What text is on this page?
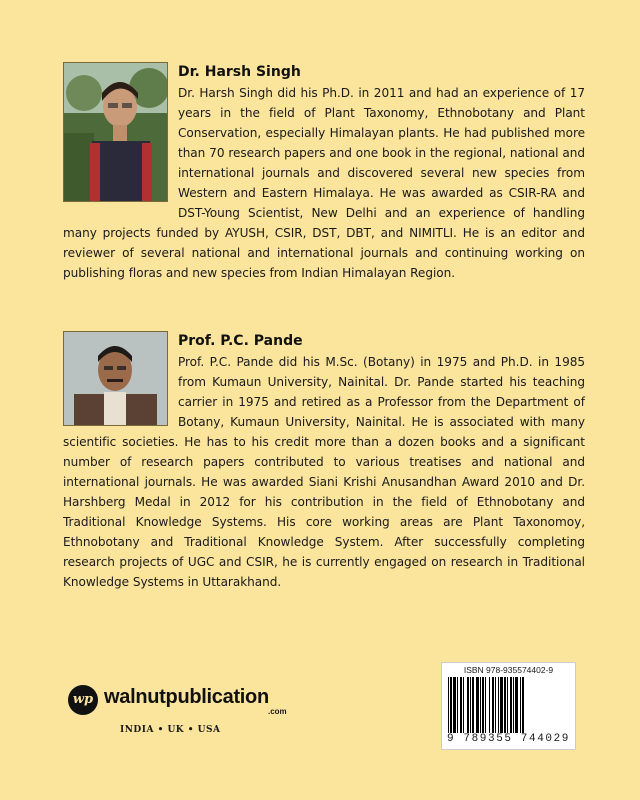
Dr. Harsh Singh

Dr. Harsh Singh did his Ph.D. in 2011 and had an experience of 17 years in the field of Plant Taxonomy, Ethnobotany and Plant Conservation, especially Himalayan plants. He had published more than 70 research papers and one book in the regional, national and international journals and discovered several new species from Western and Eastern Himalaya. He was awarded as CSIR-RA and DST-Young Scientist, New Delhi and an experience of handling many projects funded by AYUSH, CSIR, DST, DBT, and NIMITLI. He is an editor and reviewer of several national and international journals and continuing working on publishing floras and new species from Indian Himalayan Region.

Prof. P.C. Pande

Prof. P.C. Pande did his M.Sc. (Botany) in 1975 and Ph.D. in 1985 from Kumaun University, Nainital. Dr. Pande started his teaching carrier in 1975 and retired as a Professor from the Department of Botany, Kumaun University, Nainital. He is associated with many scientific societies. He has to his credit more than a dozen books and a significant number of research papers contributed to various treatises and national and international journals. He was awarded Siani Krishi Anusandhan Award 2010 and Dr. Harshberg Medal in 2012 for his contribution in the field of Ethnobotany and Traditional Knowledge Systems. His core working areas are Plant Taxonomoy, Ethnobotany and Traditional Knowledge System. After successfully completing research projects of UGC and CSIR, he is currently engaged on research in Traditional Knowledge Systems in Uttarakhand.

wp walnutpublication
.com
INDIA • UK • USA
ISBN 978-935574402-9
9 789355 744029
